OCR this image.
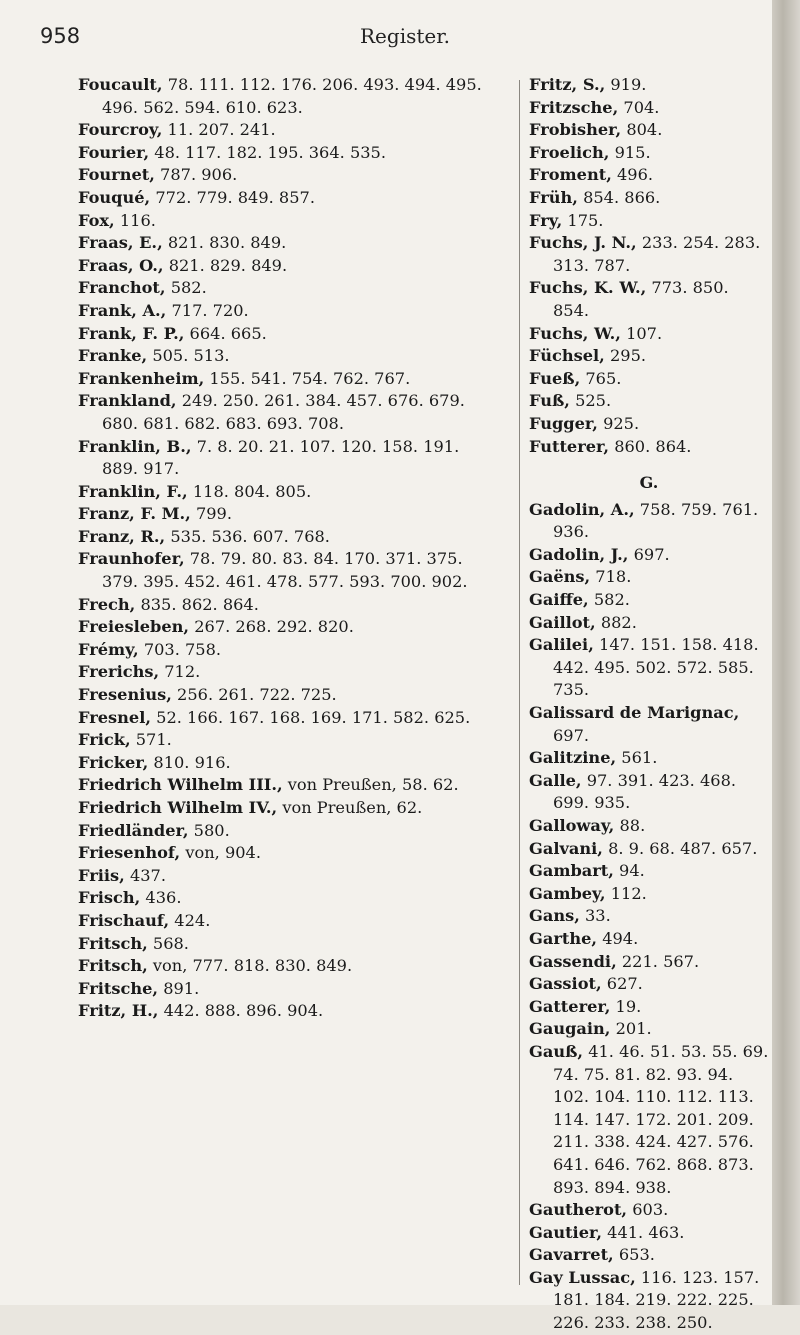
958	Register.
Foucault, 78. 111. 112. 176. 206. 493. 494. 495. 496. 562. 594. 610. 623.
Fourcroy, 11. 207. 241.
Fourier, 48. 117. 182. 195. 364. 535.
Fournet, 787. 906.
Fouqué, 772. 779. 849. 857.
Fox, 116.
Fraas, E., 821. 830. 849.
Fraas, O., 821. 829. 849.
Franchot, 582.
Frank, A., 717. 720.
Frank, F. P., 664. 665.
Franke, 505. 513.
Frankenheim, 155. 541. 754. 762. 767.
Frankland, 249. 250. 261. 384. 457. 676. 679. 680. 681. 682. 683. 693. 708.
Franklin, B., 7. 8. 20. 21. 107. 120. 158. 191. 889. 917.
Franklin, F., 118. 804. 805.
Franz, F. M., 799.
Franz, R., 535. 536. 607. 768.
Fraunhofer, 78. 79. 80. 83. 84. 170. 371. 375. 379. 395. 452. 461. 478. 577. 593. 700. 902.
Frech, 835. 862. 864.
Freiesleben, 267. 268. 292. 820.
Frémy, 703. 758.
Frerichs, 712.
Fresenius, 256. 261. 722. 725.
Fresnel, 52. 166. 167. 168. 169. 171. 582. 625.
Frick, 571.
Fricker, 810. 916.
Friedrich Wilhelm III., von Preußen, 58. 62.
Friedrich Wilhelm IV., von Preußen, 62.
Friedländer, 580.
Friesenhof, von, 904.
Friis, 437.
Frisch, 436.
Frischauf, 424.
Fritsch, 568.
Fritsch, von, 777. 818. 830. 849.
Fritsche, 891.
Fritz, H., 442. 888. 896. 904.
Fritz, S., 919.
Fritzsche, 704.
Frobisher, 804.
Froelich, 915.
Froment, 496.
Früh, 854. 866.
Fry, 175.
Fuchs, J. N., 233. 254. 283. 313. 787.
Fuchs, K. W., 773. 850. 854.
Fuchs, W., 107.
Füchsel, 295.
Fueß, 765.
Fuß, 525.
Fugger, 925.
Futterer, 860. 864.
G.
Gadolin, A., 758. 759. 761. 936.
Gadolin, J., 697.
Gaëns, 718.
Gaiffe, 582.
Gaillot, 882.
Galilei, 147. 151. 158. 418. 442. 495. 502. 572. 585. 735.
Galissard de Marignac, 697.
Galitzine, 561.
Galle, 97. 391. 423. 468. 699. 935.
Galloway, 88.
Galvani, 8. 9. 68. 487. 657.
Gambart, 94.
Gambey, 112.
Gans, 33.
Garthe, 494.
Gassendi, 221. 567.
Gassiot, 627.
Gatterer, 19.
Gaugain, 201.
Gauß, 41. 46. 51. 53. 55. 69. 74. 75. 81. 82. 93. 94. 102. 104. 110. 112. 113. 114. 147. 172. 201. 209. 211. 338. 424. 427. 576. 641. 646. 762. 868. 873. 893. 894. 938.
Gautherot, 603.
Gautier, 441. 463.
Gavarret, 653.
Gay Lussac, 116. 123. 157. 181. 184. 219. 222. 225. 226. 233. 238. 250.
